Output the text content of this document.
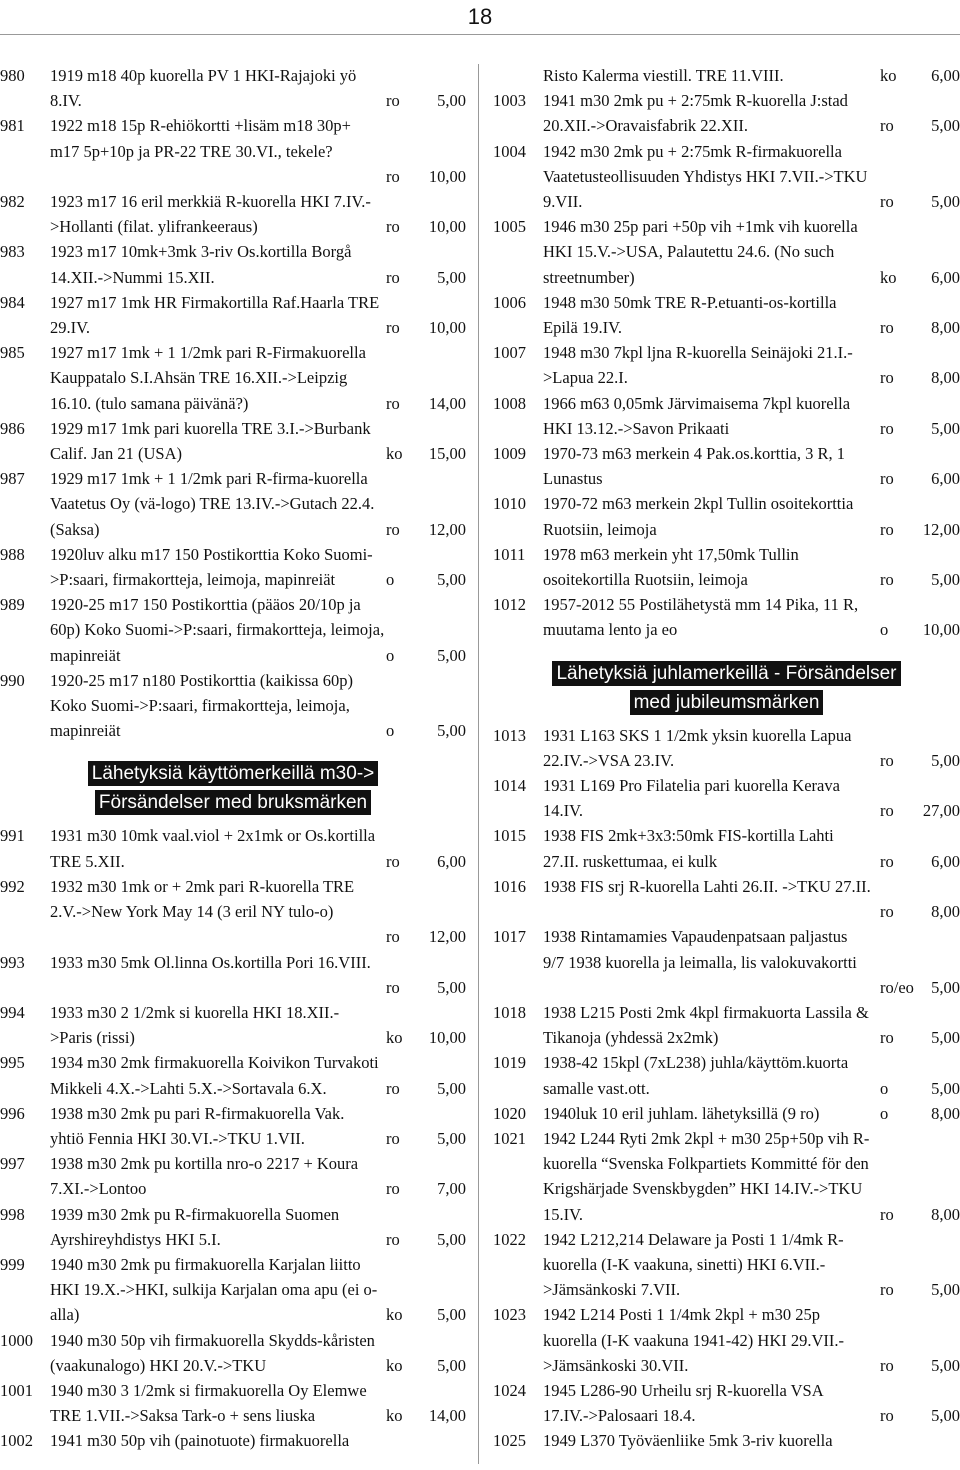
18
980	1919 m18 40p kuorella PV 1 HKI-Rajajoki yö
8.IV.	ro 5,00
981	1922 m18 15p R-ehiökortti +lisäm m18 30p+
m17 5p+10p ja PR-22 TRE 30.VI., tekele?
ro 10,00
982	1923 m17 16 eril merkkiä R-kuorella HKI 7.IV.-
>Hollanti (filat. ylifrankeeraus)	ro 10,00
983	1923 m17 10mk+3mk 3-riv Os.kortilla Borgå
14.XII.->Nummi 15.XII.	ro 5,00
984	1927 m17 1mk HR Firmakortilla Raf.Haarla TRE
29.IV.	ro 10,00
985	1927 m17 1mk + 1 1/2mk pari R-Firmakuorella
Kauppatalo S.I.Ahsän TRE 16.XII.->Leipzig
16.10. (tulo samana päivänä?)	ro 14,00
986	1929 m17 1mk pari kuorella TRE 3.I.->Burbank
Calif. Jan 21 (USA)	ko 15,00
987	1929 m17 1mk + 1 1/2mk pari R-firma-kuorella
Vaatetus Oy (vä-logo) TRE 13.IV.->Gutach 22.4.
(Saksa)	ro 12,00
988	1920luv alku m17 150 Postikorttia Koko Suomi-
>P:saari, firmakortteja, leimoja, mapinreiät	o	5,00
989	1920-25 m17 150 Postikorttia (pääos 20/10p ja
60p) Koko Suomi->P:saari, firmakortteja, leimoja,
mapinreiät	o	5,00
990	1920-25 m17 n180 Postikorttia (kaikissa 60p)
Koko Suomi->P:saari, firmakortteja, leimoja,
mapinreiät	o	5,00
Lähetyksiä käyttömerkeillä m30->
Försändelser med bruksmärken

991	1931 m30 10mk vaal.viol + 2x1mk or Os.kortilla
TRE 5.XII.	ro 6,00
992	1932 m30 1mk or + 2mk pari R-kuorella TRE
2.V.->New York May 14 (3 eril NY tulo-o)
ro 12,00
993	1933 m30 5mk Ol.linna Os.kortilla Pori 16.VIII.
ro 5,00
994	1933 m30 2 1/2mk si kuorella HKI 18.XII.-
>Paris (rissi)	ko 10,00
995	1934 m30 2mk firmakuorella Koivikon Turvakoti
Mikkeli 4.X.->Lahti 5.X.->Sortavala 6.X.	ro 5,00
996	1938 m30 2mk pu pari R-firmakuorella Vak.
yhtiö Fennia HKI 30.VI.->TKU 1.VII.	ro 5,00
997	1938 m30 2mk pu kortilla nro-o 2217 + Koura
7.XI.->Lontoo	ro 7,00
998	1939 m30 2mk pu R-firmakuorella Suomen
Ayrshireyhdistys HKI 5.I.	ro 5,00
999	1940 m30 2mk pu firmakuorella Karjalan liitto
HKI 19.X.->HKI, sulkija Karjalan oma apu (ei o-
alla)	ko 5,00
1000	1940 m30 50p vih firmakuorella Skydds-kåristen
(vaakunalogo) HKI 20.V.->TKU	ko 5,00
1001	1940 m30 3 1/2mk si firmakuorella Oy Elemwe
TRE 1.VII.->Saksa Tark-o + sens liuska	ko 14,00
1002	1941 m30 50p vih (painotuote) firmakuorella
Risto Kalerma viestill. TRE 11.VIII.	ko 6,00
1003	1941 m30 2mk pu + 2:75mk R-kuorella J:stad
20.XII.->Oravaisfabrik 22.XII.	ro 5,00
1004	1942 m30 2mk pu + 2:75mk R-firmakuorella
Vaatetusteollisuuden Yhdistys HKI 7.VII.->TKU
9.VII.	ro 5,00
1005	1946 m30 25p pari +50p vih +1mk vih kuorella
HKI 15.V.->USA, Palautettu 24.6. (No such
streetnumber)	ko 6,00
1006	1948 m30 50mk TRE R-P.etuanti-os-kortilla
Epilä 19.IV.	ro 8,00
1007	1948 m30 7kpl ljna R-kuorella Seinäjoki 21.I.-
>Lapua 22.I.	ro 8,00
1008	1966 m63 0,05mk Järvimaisema 7kpl kuorella
HKI 13.12.->Savon Prikaati	ro 5,00
1009	1970-73 m63 merkein 4 Pak.os.korttia, 3 R, 1
Lunastus	ro 6,00
1010	1970-72 m63 merkein 2kpl Tullin osoitekorttia
Ruotsiin, leimoja	ro 12,00
1011	1978 m63 merkein yht 17,50mk Tullin
osoitekortilla Ruotsiin, leimoja	ro 5,00
1012	1957-2012 55 Postilähetystä mm 14 Pika, 11 R,
muutama lento ja eo	o 10,00
Lähetyksiä juhlamerkeillä - Försändelser
med jubileumsmärken

1013	1931 L163 SKS 1 1/2mk yksin kuorella Lapua
22.IV.->VSA 23.IV.	ro 5,00
1014	1931 L169 Pro Filatelia pari kuorella Kerava
14.IV.	ro 27,00
1015	1938 FIS 2mk+3x3:50mk FIS-kortilla Lahti
27.II. ruskettumaa, ei kulk	ro 6,00
1016	1938 FIS srj R-kuorella Lahti 26.II. ->TKU 27.II.
ro 8,00
1017	1938 Rintamamies Vapaudenpatsaan paljastus
9/7 1938 kuorella ja leimalla, lis valokuvakortti
ro/eo 5,00
1018	1938 L215 Posti 2mk 4kpl firmakuorta Lassila &
Tikanoja (yhdessä 2x2mk)	ro 5,00
1019	1938-42 15kpl (7xL238) juhla/käyttöm.kuorta
samalle vast.ott.	o	5,00
1020	1940luk 10 eril juhlam. lähetyksillä (9 ro)	o	8,00
1021	1942 L244 Ryti 2mk 2kpl + m30 25p+50p vih R-
kuorella “Svenska Folkpartiets Kommitté för den
Krigshärjade Svenskbygden” HKI 14.IV.->TKU
15.IV.	ro 8,00
1022	1942 L212,214 Delaware ja Posti 1 1/4mk R-
kuorella (I-K vaakuna, sinetti) HKI 6.VII.-
>Jämsänkoski 7.VII.	ro 5,00
1023	1942 L214 Posti 1 1/4mk 2kpl + m30 25p
kuorella (I-K vaakuna 1941-42) HKI 29.VII.-
>Jämsänkoski 30.VII.	ro 5,00
1024	1945 L286-90 Urheilu srj R-kuorella VSA
17.IV.->Palosaari 18.4.	ro 5,00
1025	1949 L370 Työväenliike 5mk 3-riv kuorella
